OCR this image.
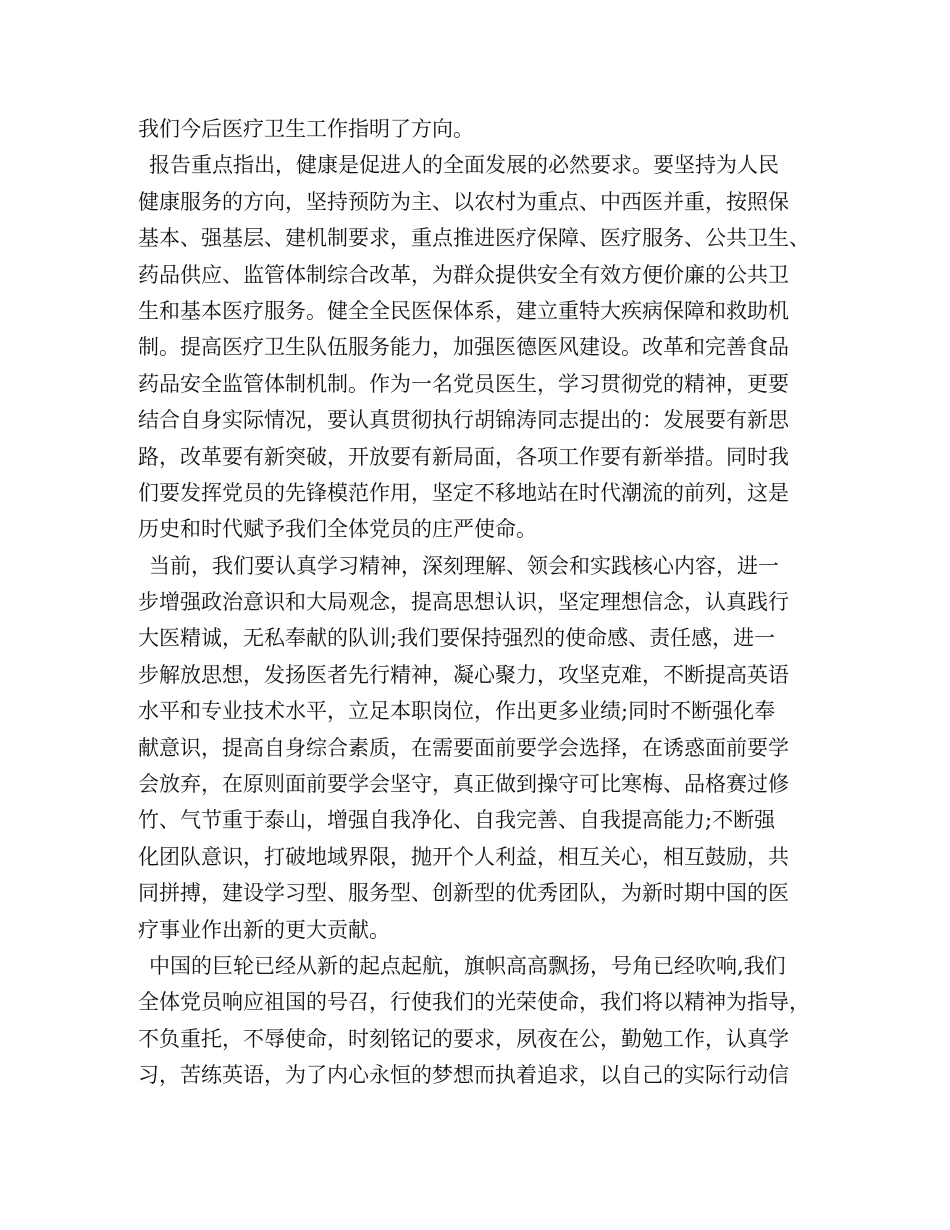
我们今后医疗卫生工作指明了方向。
报告重点指出，健康是促进人的全面发展的必然要求。要坚持为人民
健康服务的方向，坚持预防为主、以农村为重点、中西医并重，按照保
基本、强基层、建机制要求，重点推进医疗保障、医疗服务、公共卫生、
药品供应、监管体制综合改革，为群众提供安全有效方便价廉的公共卫
生和基本医疗服务。健全全民医保体系，建立重特大疾病保障和救助机
制。提高医疗卫生队伍服务能力，加强医德医风建设。改革和完善食品
药品安全监管体制机制。作为一名党员医生，学习贯彻党的精神，更要
结合自身实际情况，要认真贯彻执行胡锦涛同志提出的：发展要有新思
路，改革要有新突破，开放要有新局面，各项工作要有新举措。同时我
们要发挥党员的先锋模范作用，坚定不移地站在时代潮流的前列，这是
历史和时代赋予我们全体党员的庄严使命。
当前，我们要认真学习精神，深刻理解、领会和实践核心内容，进一
步增强政治意识和大局观念，提高思想认识，坚定理想信念，认真践行
大医精诚，无私奉献的队训;我们要保持强烈的使命感、责任感，进一
步解放思想，发扬医者先行精神，凝心聚力，攻坚克难，不断提高英语
水平和专业技术水平，立足本职岗位，作出更多业绩;同时不断强化奉
献意识，提高自身综合素质，在需要面前要学会选择，在诱惑面前要学
会放弃，在原则面前要学会坚守，真正做到操守可比寒梅、品格赛过修
竹、气节重于泰山，增强自我净化、自我完善、自我提高能力;不断强
化团队意识，打破地域界限，抛开个人利益，相互关心，相互鼓励，共
同拼搏，建设学习型、服务型、创新型的优秀团队，为新时期中国的医
疗事业作出新的更大贡献。
中国的巨轮已经从新的起点起航，旗帜高高飘扬，号角已经吹响,我们
全体党员响应祖国的号召，行使我们的光荣使命，我们将以精神为指导，
不负重托，不辱使命，时刻铭记的要求，夙夜在公，勤勉工作，认真学
习，苦练英语，为了内心永恒的梦想而执着追求，以自己的实际行动信
